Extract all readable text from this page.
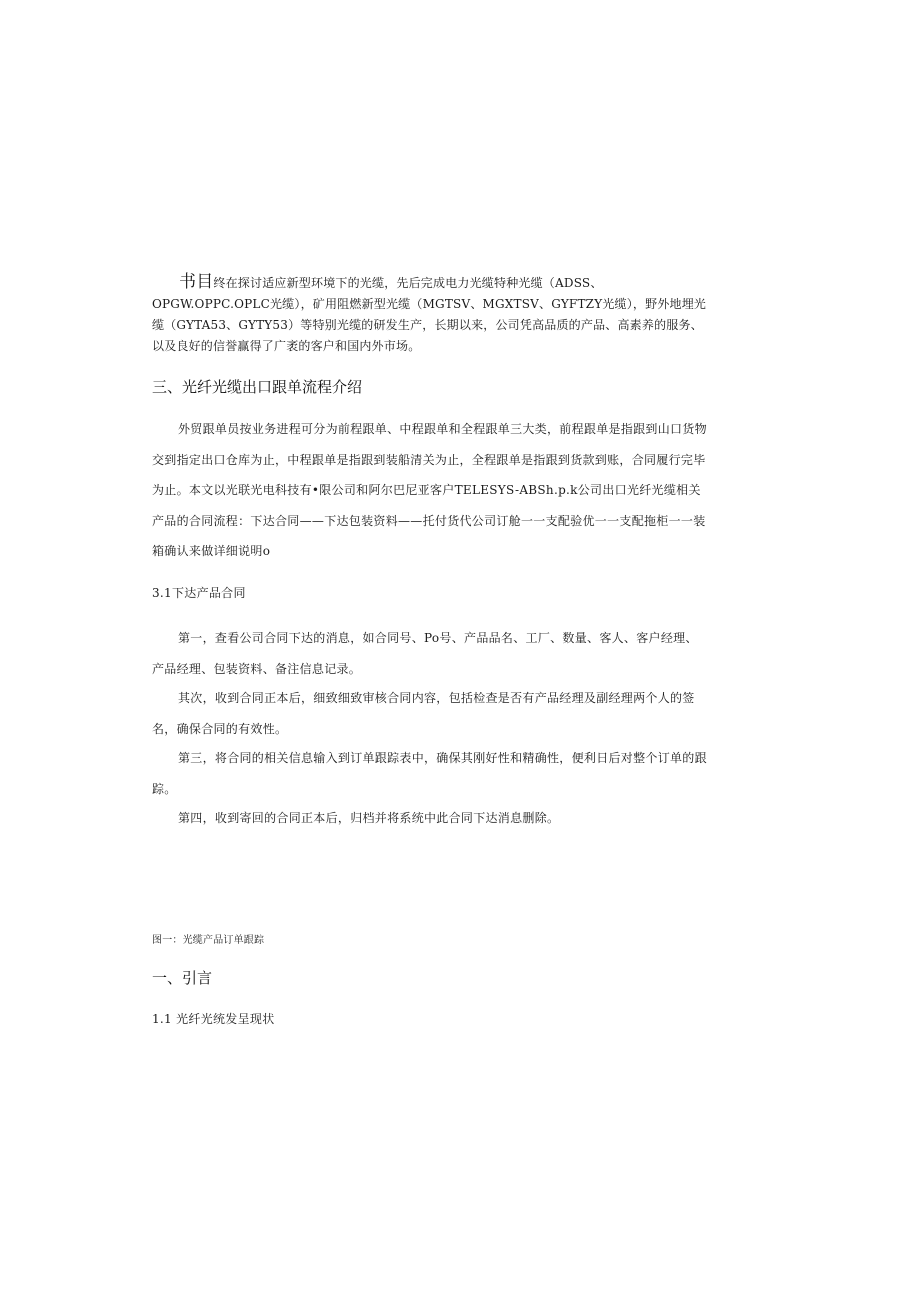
书目终在探讨适应新型环境下的光缆，先后完成电力光缆特种光缆（ADSS、OPGW.OPPC.OPLC光缆），矿用阻燃新型光缆（MGTSV、MGXTSV、GYFTZY光缆），野外地埋光缆（GYTA53、GYTY53）等特别光缆的研发生产，长期以来，公司凭高品质的产品、高素养的服务、以及良好的信誉赢得了广袤的客户和国内外市场。
三、光纤光缆出口跟单流程介绍
外贸跟单员按业务进程可分为前程跟单、中程跟单和全程跟单三大类，前程跟单是指跟到山口货物交到指定出口仓库为止，中程跟单是指跟到装船清关为止，全程跟单是指跟到货款到账，合同履行完毕为止。本文以光联光电科技有•限公司和阿尔巴尼亚客户TELESYS-ABSh.p.k公司出口光纤光缆相关产品的合同流程：下达合同——下达包装资料——托付货代公司订舱一一支配验优一一支配拖柜一一装箱确认来做详细说明o
3.1下达产品合同
第一，查看公司合同下达的消息，如合同号、Po号、产品品名、工厂、数量、客人、客户经理、产品经理、包装资料、备注信息记录。
其次，收到合同正本后，细致细致审核合同内容，包括检查是否有产品经理及副经理两个人的签名，确保合同的有效性。
第三，将合同的相关信息输入到订单跟踪表中，确保其刚好性和精确性，便利日后对整个订单的跟踪。
第四，收到寄回的合同正本后，归档并将系统中此合同下达消息删除。
图一：光缆产品订单跟踪
一、引言
1.1 光纤光统发呈现状
